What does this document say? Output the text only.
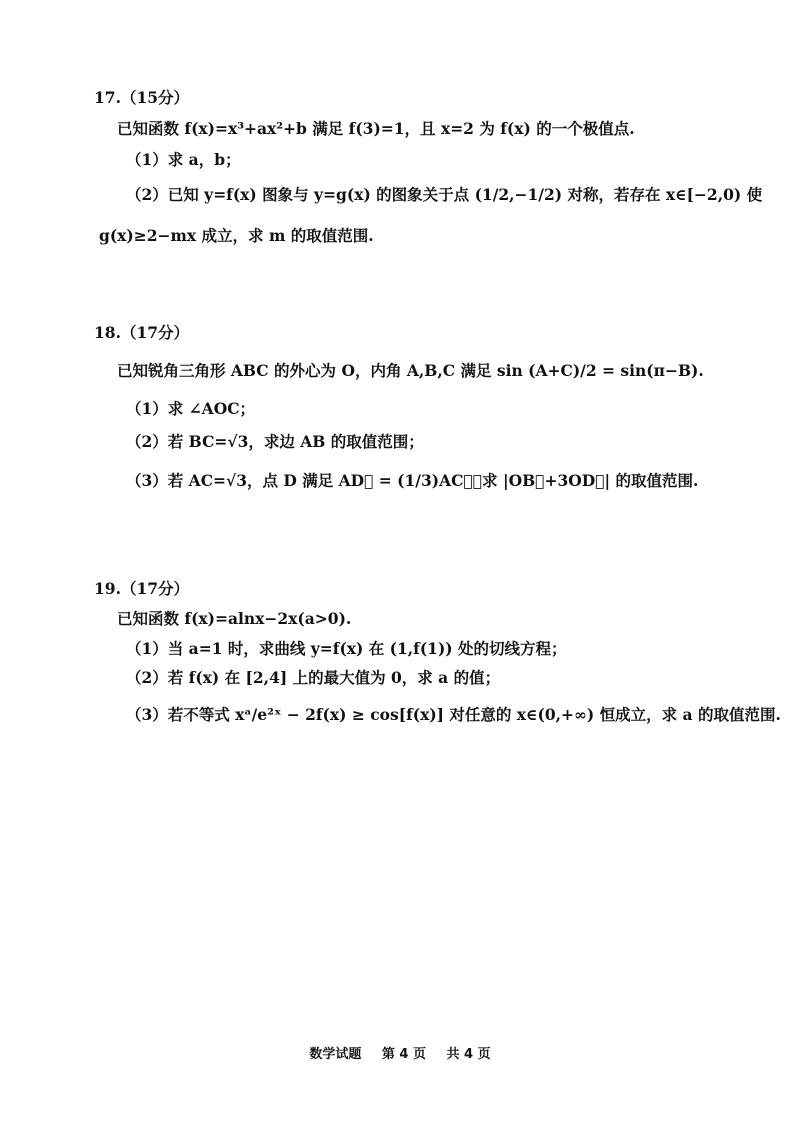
17.（15分）
已知函数 f(x)=x³+ax²+b 满足 f(3)=1，且 x=2 为 f(x) 的一个极值点.
（1）求 a，b；
（2）已知 y=f(x) 图象与 y=g(x) 的图象关于点 (1/2,−1/2) 对称，若存在 x∈[−2,0) 使
g(x)≥2−mx 成立，求 m 的取值范围.
18.（17分）
已知锐角三角形 ABC 的外心为 O，内角 A,B,C 满足 sin (A+C)/2 = sin(π−B).
（1）求 ∠AOC；
（2）若 BC=√3，求边 AB 的取值范围；
（3）若 AC=√3，点 D 满足 AD⃗ = (1/3)AC⃗，求 |OB⃗+3OD⃗| 的取值范围.
19.（17分）
已知函数 f(x)=alnx−2x(a>0).
（1）当 a=1 时，求曲线 y=f(x) 在 (1,f(1)) 处的切线方程；
（2）若 f(x) 在 [2,4] 上的最大值为 0，求 a 的值；
（3）若不等式 xᵃ/e²ˣ − 2f(x) ≥ cos[f(x)] 对任意的 x∈(0,+∞) 恒成立，求 a 的取值范围.
数学试题 第 4 页 共 4 页
